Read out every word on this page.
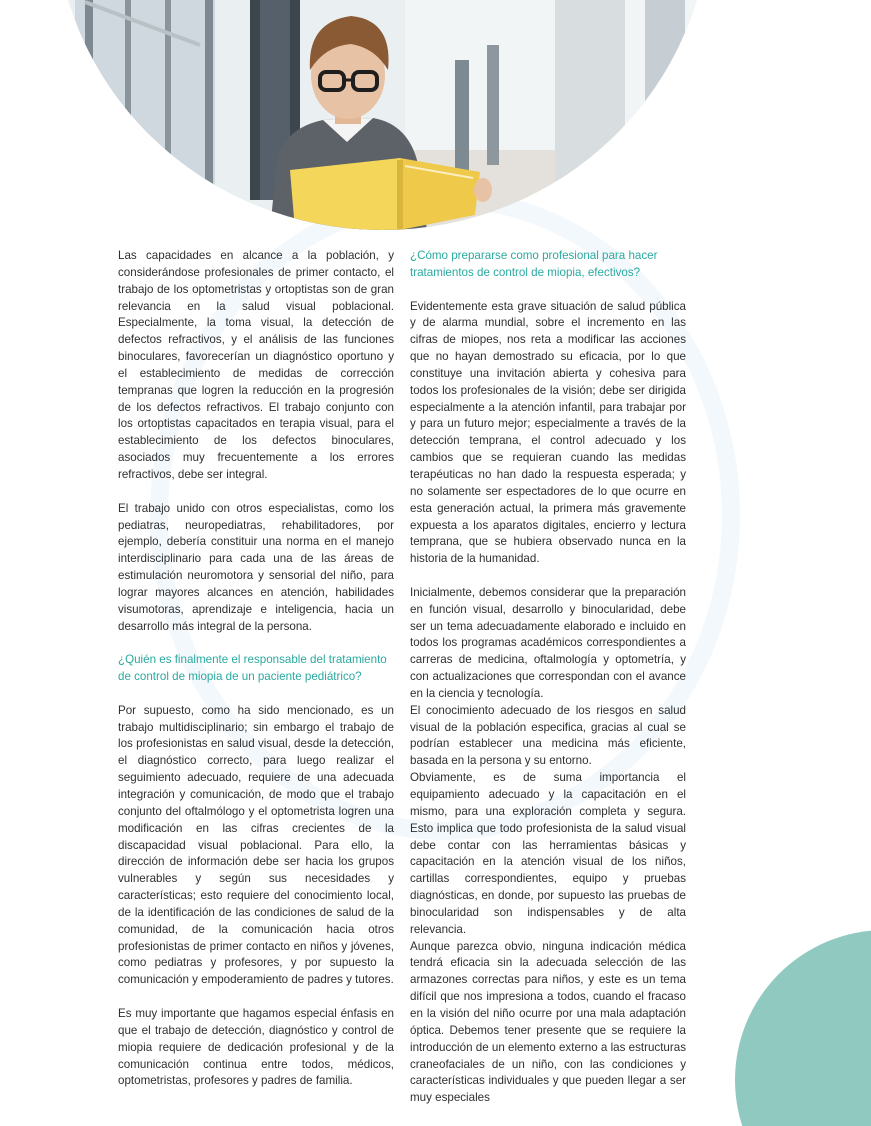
Las capacidades en alcance a la población, y considerándose profesionales de primer contacto, el trabajo de los optometristas y ortoptistas son de gran relevancia en la salud visual poblacional. Especialmente, la toma visual, la detección de defectos refractivos, y el análisis de las funciones binoculares, favorecerían un diagnóstico oportuno y el establecimiento de medidas de corrección tempranas que logren la reducción en la progresión de los defectos refractivos. El trabajo conjunto con los ortoptistas capacitados en terapia visual, para el establecimiento de los defectos binoculares, asociados muy frecuentemente a los errores refractivos, debe ser integral.

El trabajo unido con otros especialistas, como los pediatras, neuropediatras, rehabilitadores, por ejemplo, debería constituir una norma en el manejo interdisciplinario para cada una de las áreas de estimulación neuromotora y sensorial del niño, para lograr mayores alcances en atención, habilidades visumotoras, aprendizaje e inteligencia, hacia un desarrollo más integral de la persona.

¿Quién es finalmente el responsable del tratamiento de control de miopia de un paciente pediátrico?

Por supuesto, como ha sido mencionado, es un trabajo multidisciplinario; sin embargo el trabajo de los profesionistas en salud visual, desde la detección, el diagnóstico correcto, para luego realizar el seguimiento adecuado, requiere de una adecuada integración y comunicación, de modo que el trabajo conjunto del oftalmólogo y el optometrista logren una modificación en las cifras crecientes de la discapacidad visual poblacional. Para ello, la dirección de información debe ser hacia los grupos vulnerables y según sus necesidades y características; esto requiere del conocimiento local, de la identificación de las condiciones de salud de la comunidad, de la comunicación hacia otros profesionistas de primer contacto en niños y jóvenes, como pediatras y profesores, y por supuesto la comunicación y empoderamiento de padres y tutores.

Es muy importante que hagamos especial énfasis en que el trabajo de detección, diagnóstico y control de miopia requiere de dedicación profesional y de la comunicación continua entre todos, médicos, optometristas, profesores y padres de familia.

¿Cómo prepararse como profesional para hacer tratamientos de control de miopia, efectivos?

Evidentemente esta grave situación de salud pública y de alarma mundial, sobre el incremento en las cifras de miopes, nos reta a modificar las acciones que no hayan demostrado su eficacia, por lo que constituye una invitación abierta y cohesiva para todos los profesionales de la visión; debe ser dirigida especialmente a la atención infantil, para trabajar por y para un futuro mejor; especialmente a través de la detección temprana, el control adecuado y los cambios que se requieran cuando las medidas terapéuticas no han dado la respuesta esperada; y no solamente ser espectadores de lo que ocurre en esta generación actual, la primera más gravemente expuesta a los aparatos digitales, encierro y lectura temprana, que se hubiera observado nunca en la historia de la humanidad.

Inicialmente, debemos considerar que la preparación en función visual, desarrollo y binocularidad, debe ser un tema adecuadamente elaborado e incluido en todos los programas académicos correspondientes a carreras de medicina, oftalmología y optometría, y con actualizaciones que correspondan con el avance en la ciencia y tecnología.

El conocimiento adecuado de los riesgos en salud visual de la población especifica, gracias al cual se podrían establecer una medicina más eficiente, basada en la persona y su entorno.

Obviamente, es de suma importancia el equipamiento adecuado y la capacitación en el mismo, para una exploración completa y segura. Esto implica que todo profesionista de la salud visual debe contar con las herramientas básicas y capacitación en la atención visual de los niños, cartillas correspondientes, equipo y pruebas diagnósticas, en donde, por supuesto las pruebas de binocularidad son indispensables y de alta relevancia.

Aunque parezca obvio, ninguna indicación médica tendrá eficacia sin la adecuada selección de las armazones correctas para niños, y este es un tema difícil que nos impresiona a todos, cuando el fracaso en la visión del niño ocurre por una mala adaptación óptica. Debemos tener presente que se requiere la introducción de un elemento externo a las estructuras craneofaciales de un niño, con las condiciones y características individuales y que pueden llegar a ser muy especiales
